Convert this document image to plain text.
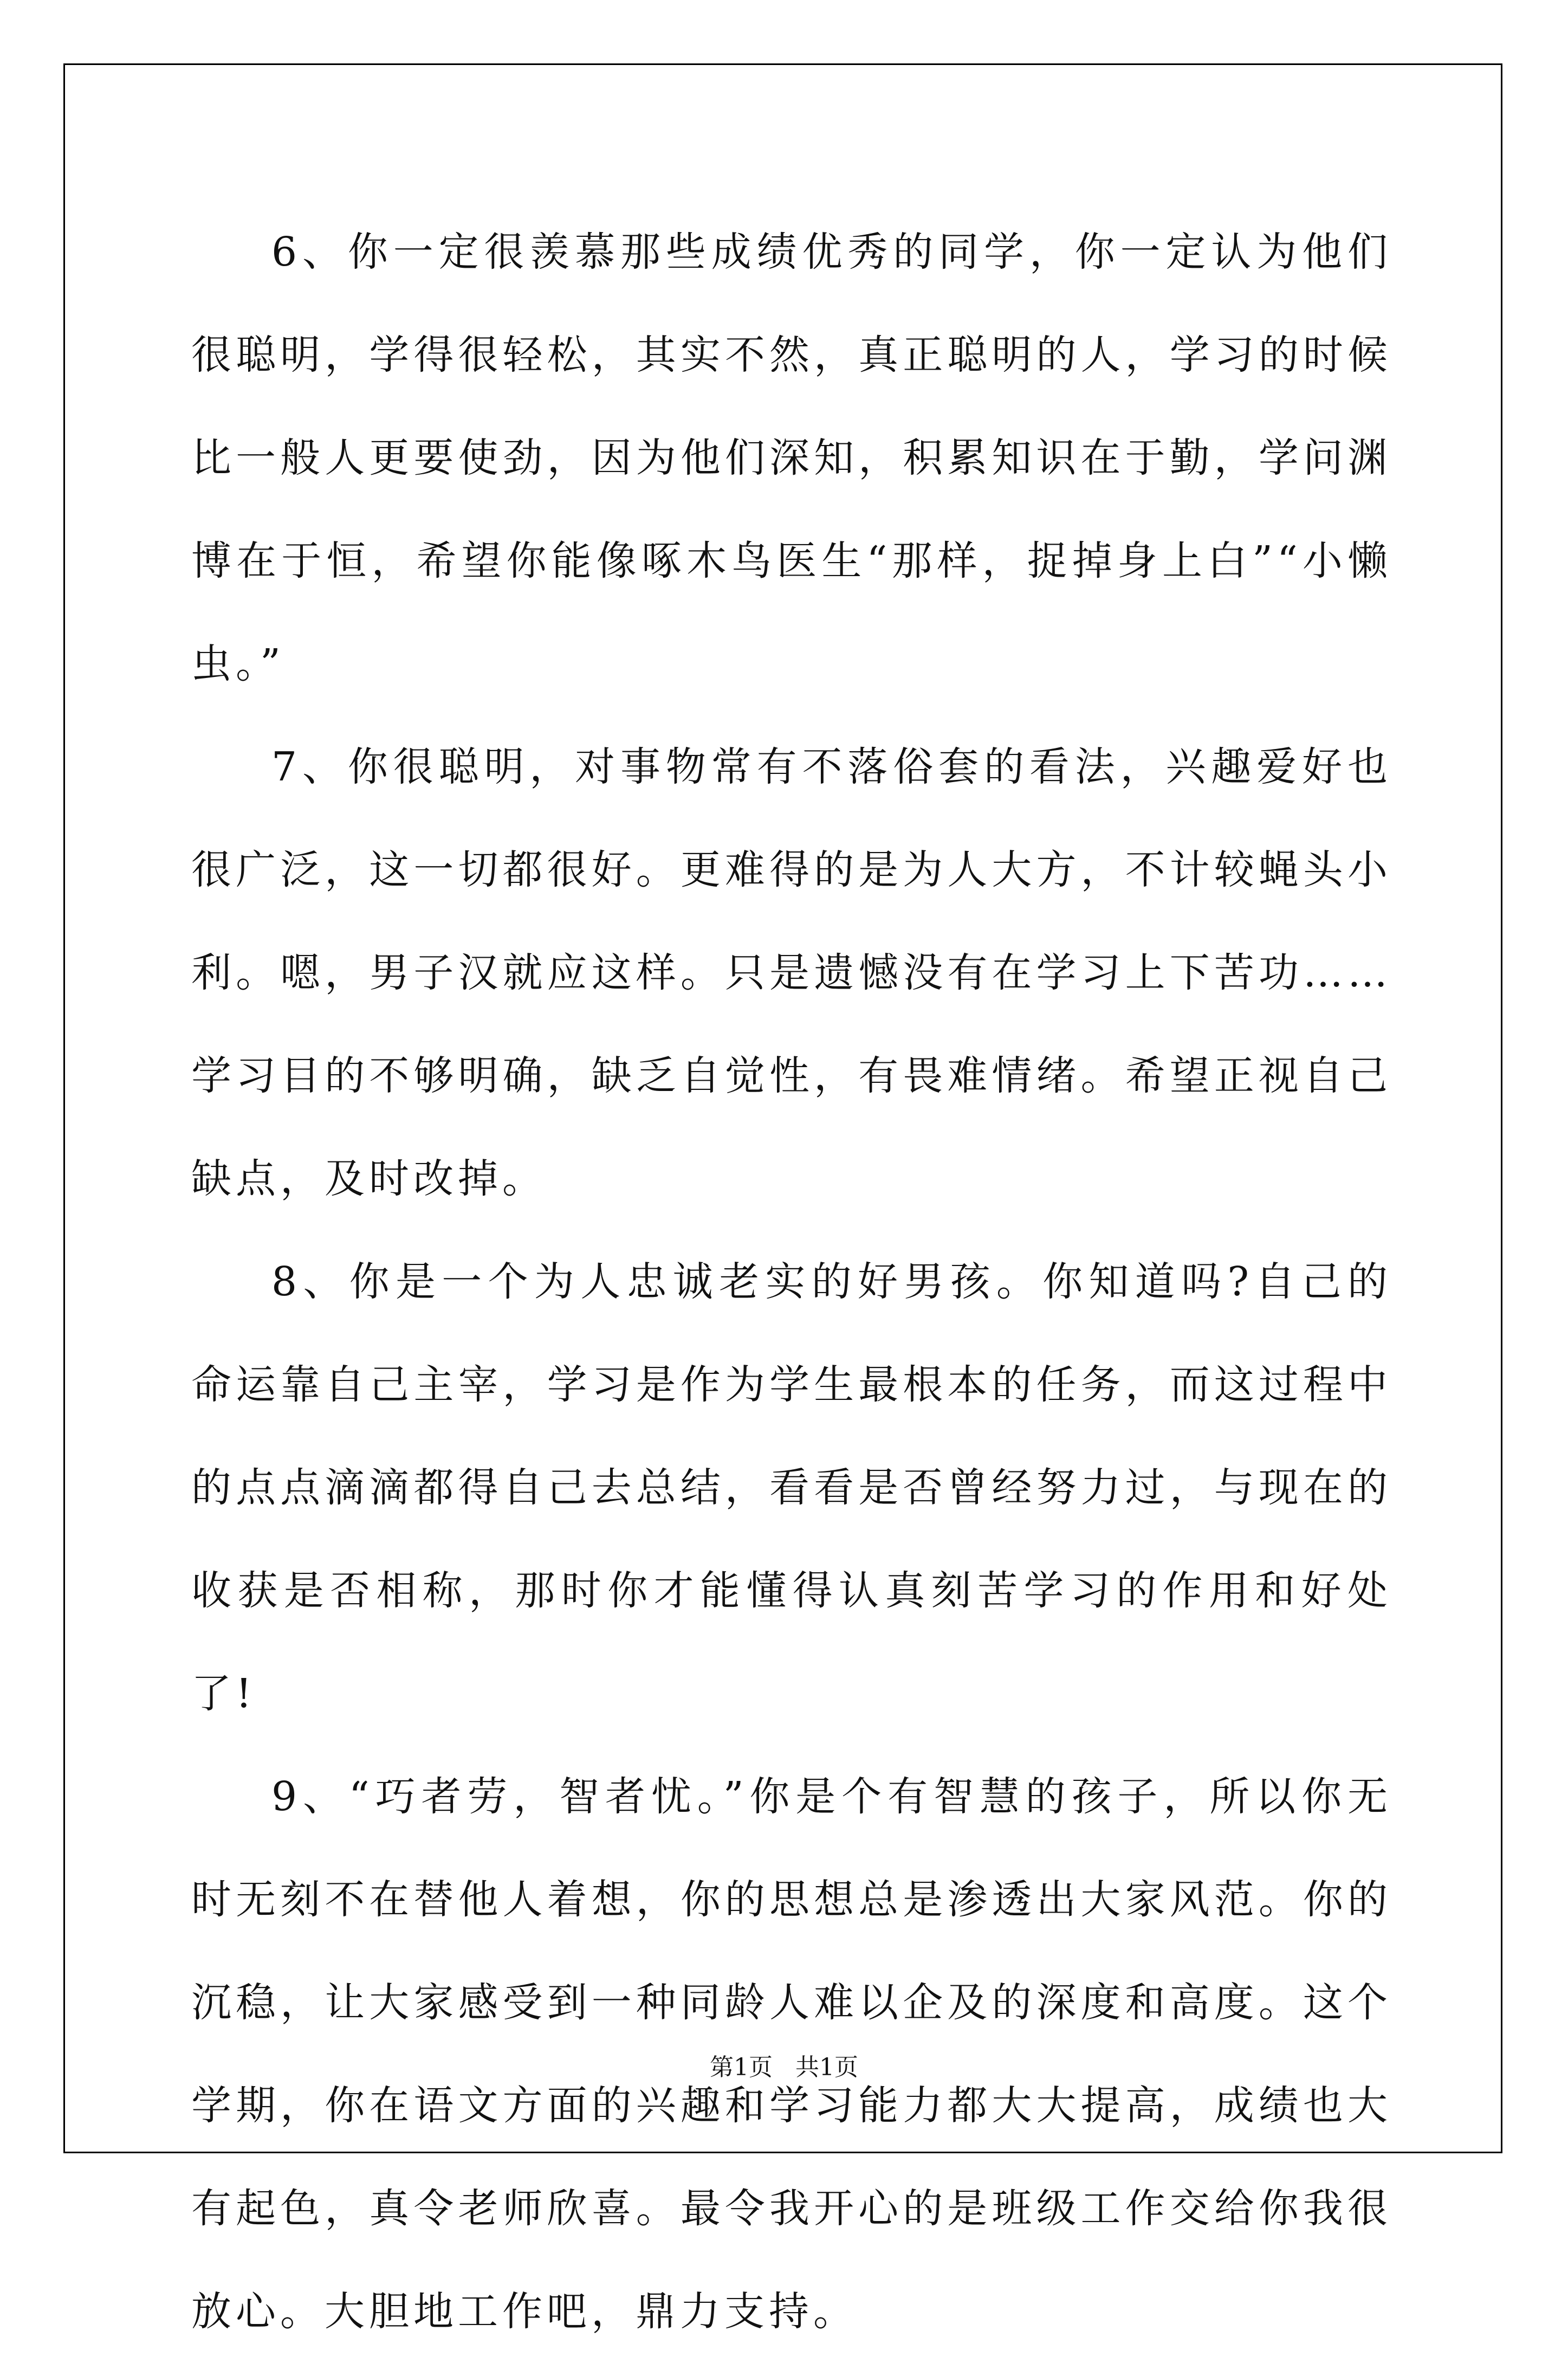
6、你一定很羡慕那些成绩优秀的同学，你一定认为他们很聪明，学得很轻松，其实不然，真正聪明的人，学习的时候比一般人更要使劲，因为他们深知，积累知识在于勤，学问渊博在于恒，希望你能像啄木鸟医生“那样，捉掉身上白”“小懒虫。”

7、你很聪明，对事物常有不落俗套的看法，兴趣爱好也很广泛，这一切都很好。更难得的是为人大方，不计较蝇头小利。嗯，男子汉就应这样。只是遗憾没有在学习上下苦功……学习目的不够明确，缺乏自觉性，有畏难情绪。希望正视自己缺点，及时改掉。

8、你是一个为人忠诚老实的好男孩。你知道吗?自己的命运靠自己主宰，学习是作为学生最根本的任务，而这过程中的点点滴滴都得自己去总结，看看是否曾经努力过，与现在的收获是否相称，那时你才能懂得认真刻苦学习的作用和好处了!

9、“巧者劳，智者忧。”你是个有智慧的孩子，所以你无时无刻不在替他人着想，你的思想总是渗透出大家风范。你的沉稳，让大家感受到一种同龄人难以企及的深度和高度。这个学期，你在语文方面的兴趣和学习能力都大大提高，成绩也大有起色，真令老师欣喜。最令我开心的是班级工作交给你我很放心。大胆地工作吧，鼎力支持。

第1页 共1页
